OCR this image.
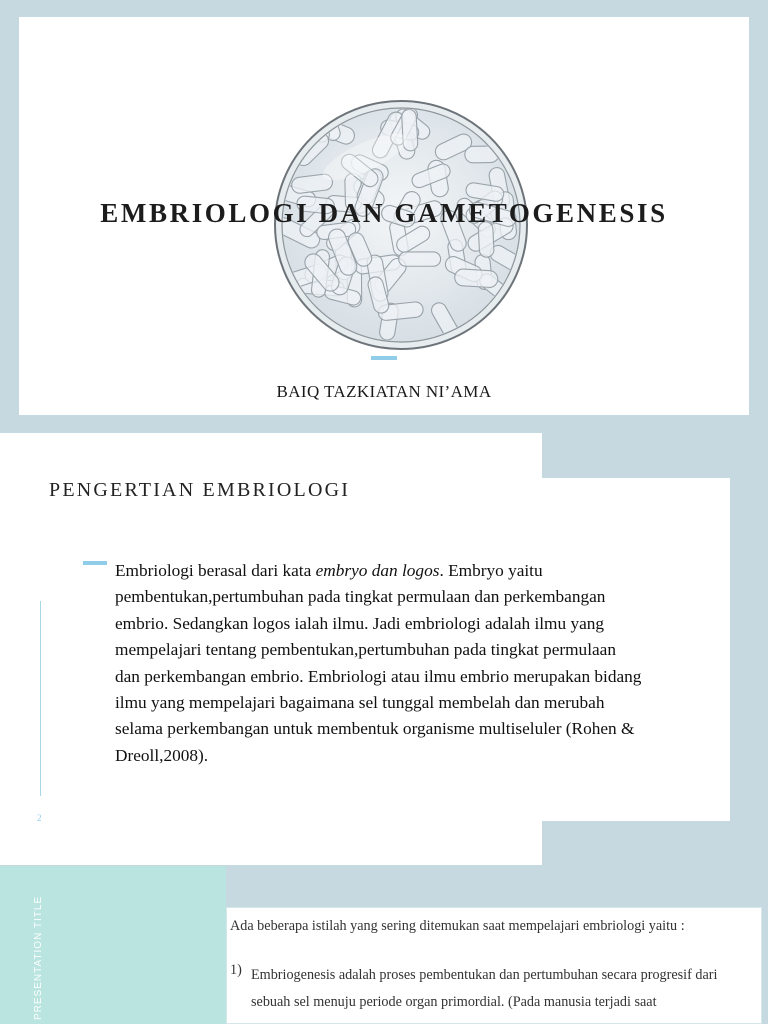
EMBRIOLOGI DAN GAMETOGENESIS
BAIQ TAZKIATAN NI’AMA
PENGERTIAN EMBRIOLOGI
Embriologi berasal dari kata embryo dan logos. Embryo yaitu pembentukan,pertumbuhan pada tingkat permulaan dan perkembangan embrio. Sedangkan logos ialah ilmu. Jadi embriologi adalah ilmu yang mempelajari tentang pembentukan,pertumbuhan pada tingkat permulaan dan perkembangan embrio. Embriologi atau ilmu embrio merupakan bidang ilmu yang mempelajari bagaimana sel tunggal membelah dan merubah selama perkembangan untuk membentuk organisme multiseluler (Rohen & Dreoll,2008).
2
PRESENTATION TITLE	Ada beberapa istilah yang sering ditemukan saat mempelajari embriologi yaitu :
1) Embriogenesis adalah proses pembentukan dan pertumbuhan secara progresif dari sebuah sel menuju periode organ primordial. (Pada manusia terjadi saat
